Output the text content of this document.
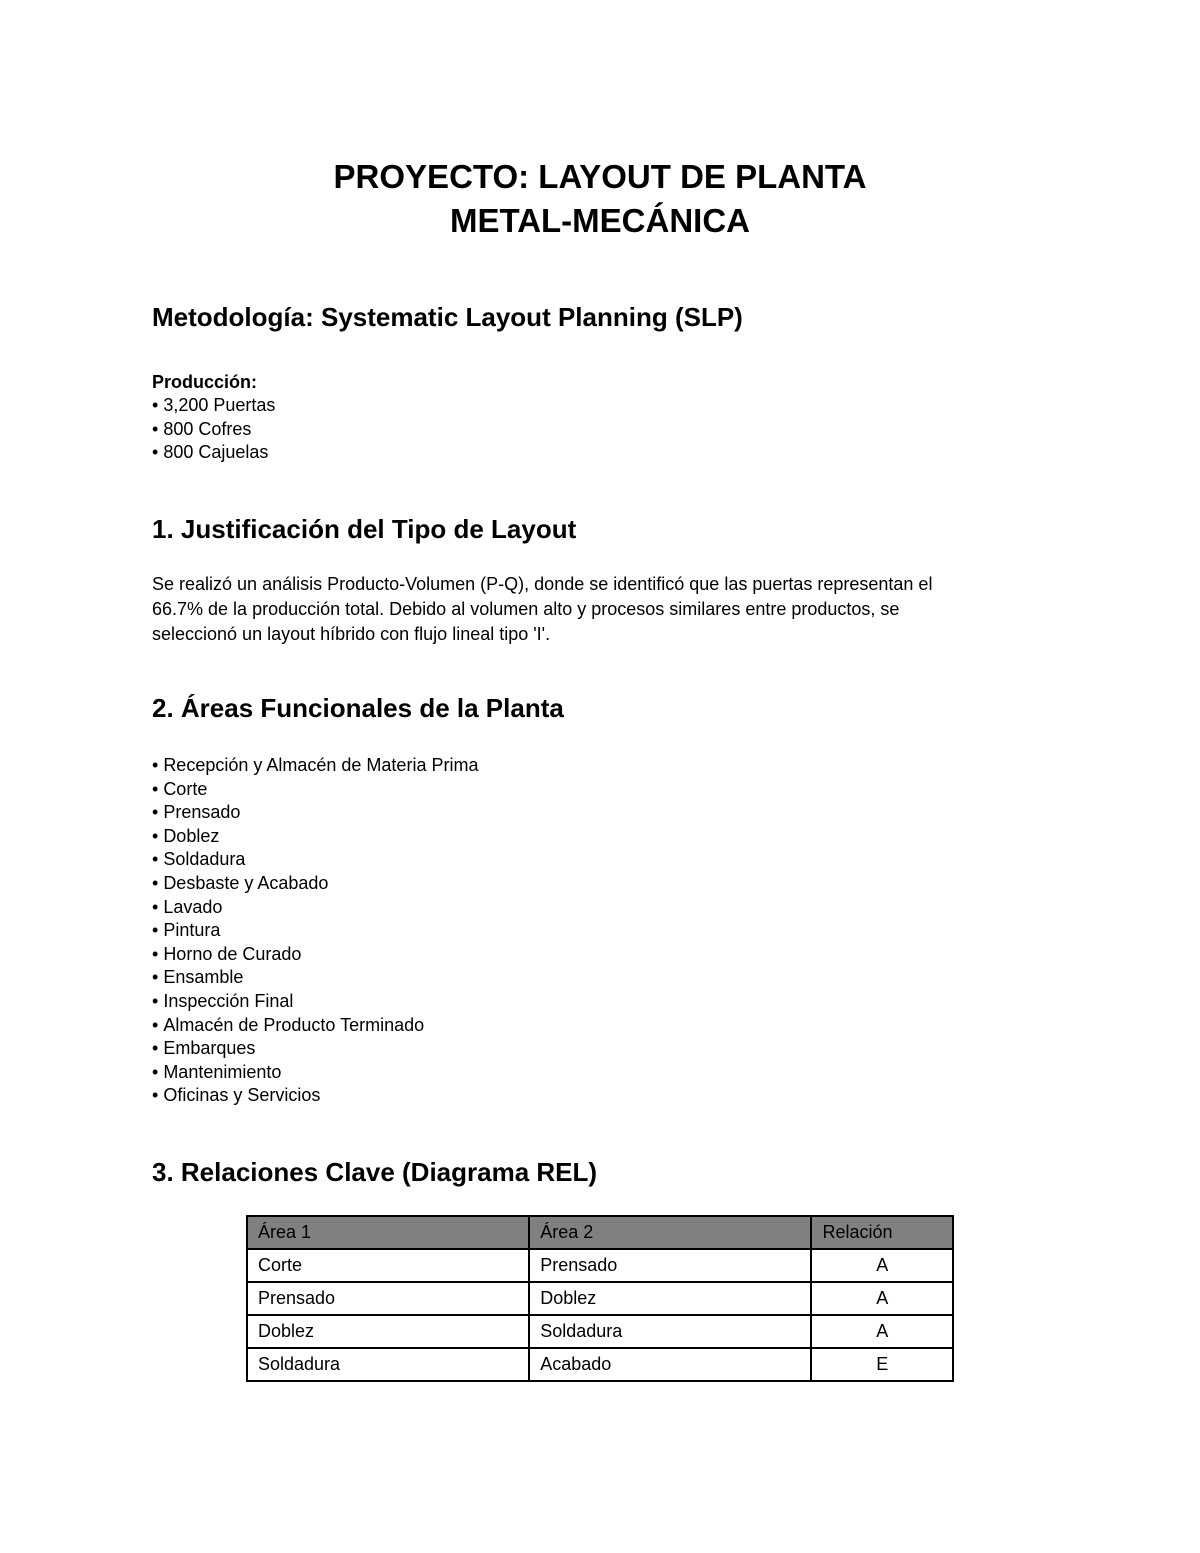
PROYECTO: LAYOUT DE PLANTA
METAL-MECÁNICA
Metodología: Systematic Layout Planning (SLP)

Producción:

• 3,200 Puertas
• 800 Cofres
• 800 Cajuelas
1. Justificación del Tipo de Layout

Se realizó un análisis Producto-Volumen (P-Q), donde se identificó que las puertas representan el
66.7% de la producción total. Debido al volumen alto y procesos similares entre productos, se
seleccionó un layout híbrido con flujo lineal tipo 'I'.

2. Áreas Funcionales de la Planta
• Recepción y Almacén de Materia Prima
• Corte
• Prensado
• Doblez
• Soldadura
• Desbaste y Acabado
• Lavado
• Pintura
• Horno de Curado
• Ensamble
• Inspección Final
• Almacén de Producto Terminado
• Embarques
• Mantenimiento
• Oficinas y Servicios
3. Relaciones Clave (Diagrama REL)
Área 1	Área 2	Relación
Corte	Prensado	A
Prensado	Doblez	A
Doblez	Soldadura	A
Soldadura	Acabado	E
